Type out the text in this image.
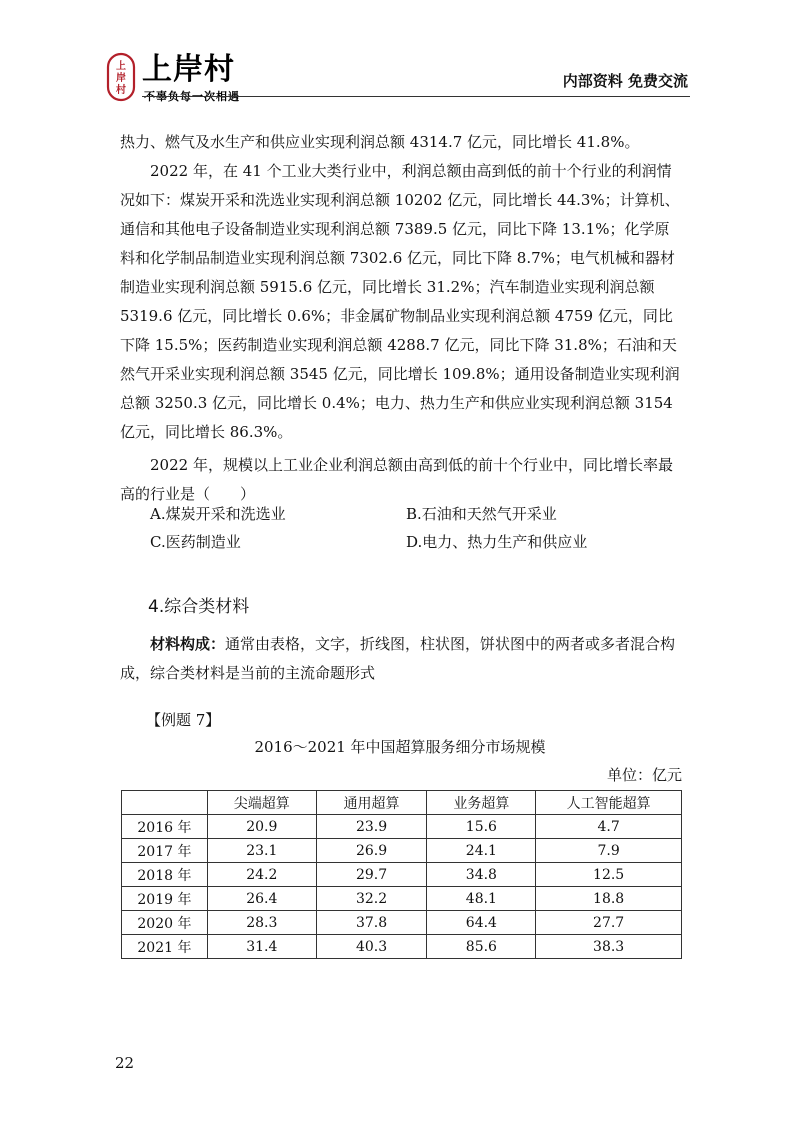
上
岸
村
上岸村
不辜负每一次相遇
内部资料 免费交流

热力、燃气及水生产和供应业实现利润总额 4314.7 亿元，同比增长 41.8%。

2022 年，在 41 个工业大类行业中，利润总额由高到低的前十个行业的利润情况如下：煤炭开采和洗选业实现利润总额 10202 亿元，同比增长 44.3%；计算机、通信和其他电子设备制造业实现利润总额 7389.5 亿元，同比下降 13.1%；化学原料和化学制品制造业实现利润总额 7302.6 亿元，同比下降 8.7%；电气机械和器材制造业实现利润总额 5915.6 亿元，同比增长 31.2%；汽车制造业实现利润总额 5319.6 亿元，同比增长 0.6%；非金属矿物制品业实现利润总额 4759 亿元，同比下降 15.5%；医药制造业实现利润总额 4288.7 亿元，同比下降 31.8%；石油和天然气开采业实现利润总额 3545 亿元，同比增长 109.8%；通用设备制造业实现利润总额 3250.3 亿元，同比增长 0.4%；电力、热力生产和供应业实现利润总额 3154 亿元，同比增长 86.3%。

2022 年，规模以上工业企业利润总额由高到低的前十个行业中，同比增长率最高的行业是（　　）

A.煤炭开采和洗选业	B.石油和天然气开采业
C.医药制造业	D.电力、热力生产和供应业
4.综合类材料

材料构成：通常由表格，文字，折线图，柱状图，饼状图中的两者或多者混合构成，综合类材料是当前的主流命题形式

【例题 7】
2016～2021 年中国超算服务细分市场规模
单位：亿元
	尖端超算	通用超算	业务超算	人工智能超算
2016 年	20.9	23.9	15.6	4.7
2017 年	23.1	26.9	24.1	7.9
2018 年	24.2	29.7	34.8	12.5
2019 年	26.4	32.2	48.1	18.8
2020 年	28.3	37.8	64.4	27.7
2021 年	31.4	40.3	85.6	38.3
22
